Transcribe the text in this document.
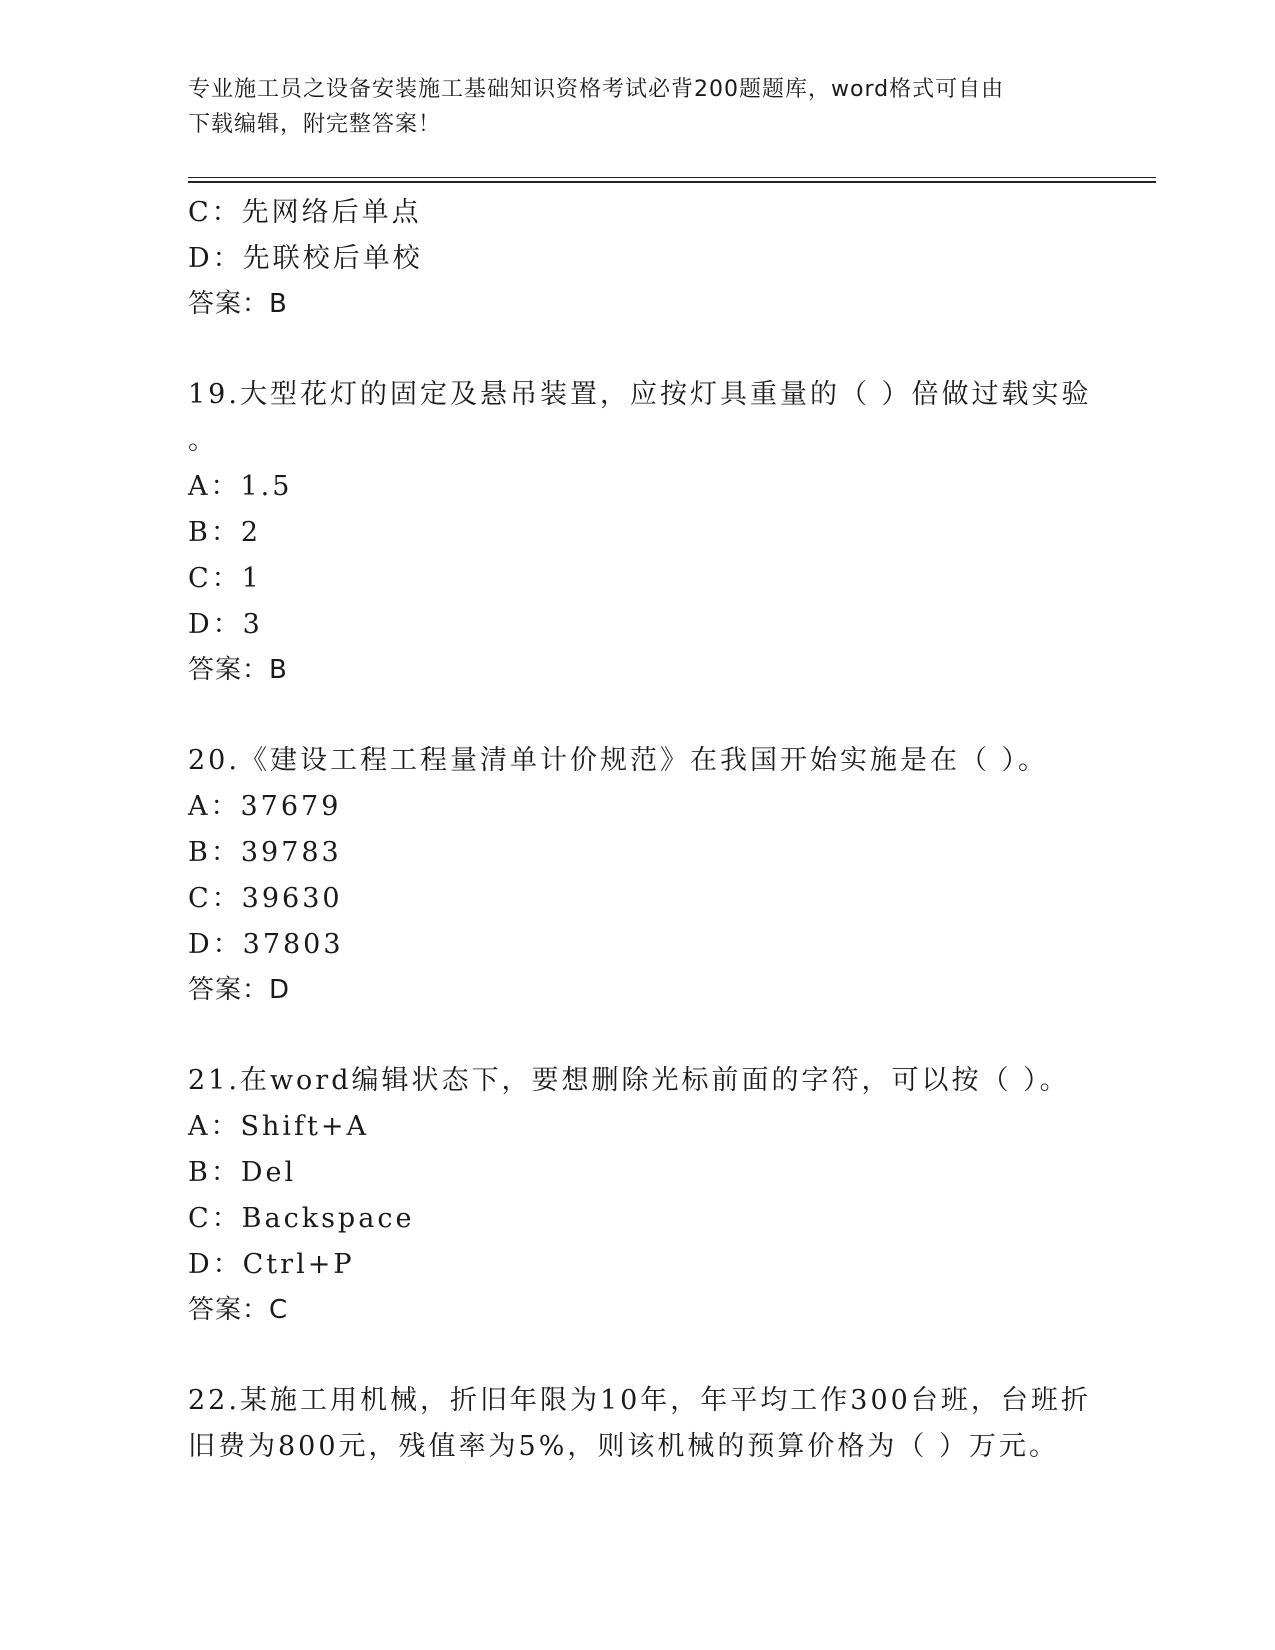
专业施工员之设备安装施工基础知识资格考试必背200题题库，word格式可自由
下载编辑，附完整答案！
C：先网络后单点
D：先联校后单校
答案：B
19.大型花灯的固定及悬吊装置，应按灯具重量的（ ）倍做过载实验
。
A：1.5
B：2
C：1
D：3
答案：B
20.《建设工程工程量清单计价规范》在我国开始实施是在（ ）。
A：37679
B：39783
C：39630
D：37803
答案：D
21.在word编辑状态下，要想删除光标前面的字符，可以按（ ）。
A：Shift+A
B：Del
C：Backspace
D：Ctrl+P
答案：C
22.某施工用机械，折旧年限为10年，年平均工作300台班，台班折
旧费为800元，残值率为5%，则该机械的预算价格为（ ）万元。
